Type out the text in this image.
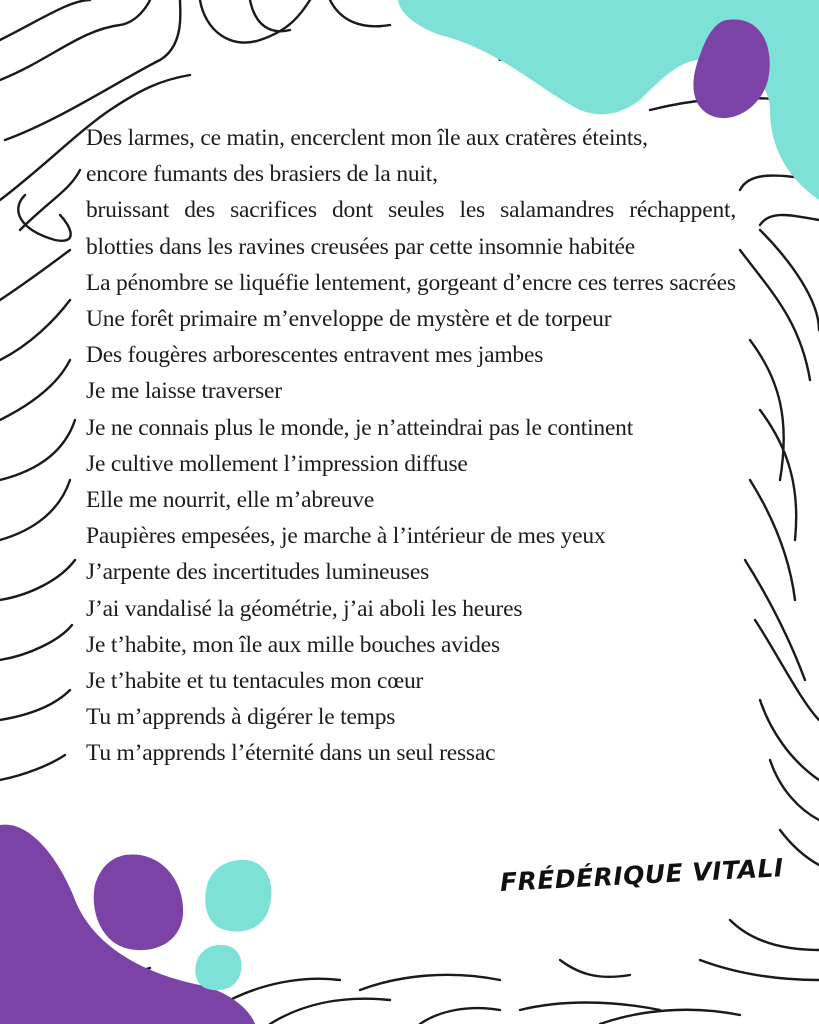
Des larmes, ce matin, encerclent mon île aux cratères éteints,
encore fumants des brasiers de la nuit,
bruissant des sacrifices dont seules les salamandres réchappent, blotties dans les ravines creusées par cette insomnie habitée
La pénombre se liquéfie lentement, gorgeant d’encre ces terres sacrées
Une forêt primaire m’enveloppe de mystère et de torpeur
Des fougères arborescentes entravent mes jambes
Je me laisse traverser
Je ne connais plus le monde, je n’atteindrai pas le continent
Je cultive mollement l’impression diffuse
Elle me nourrit, elle m’abreuve
Paupières empesées, je marche à l’intérieur de mes yeux
J’arpente des incertitudes lumineuses
J’ai vandalisé la géométrie, j’ai aboli les heures
Je t’habite, mon île aux mille bouches avides
Je t’habite et tu tentacules mon cœur
Tu m’apprends à digérer le temps
Tu m’apprends l’éternité dans un seul ressac
FRÉDÉRIQUE VITALI
